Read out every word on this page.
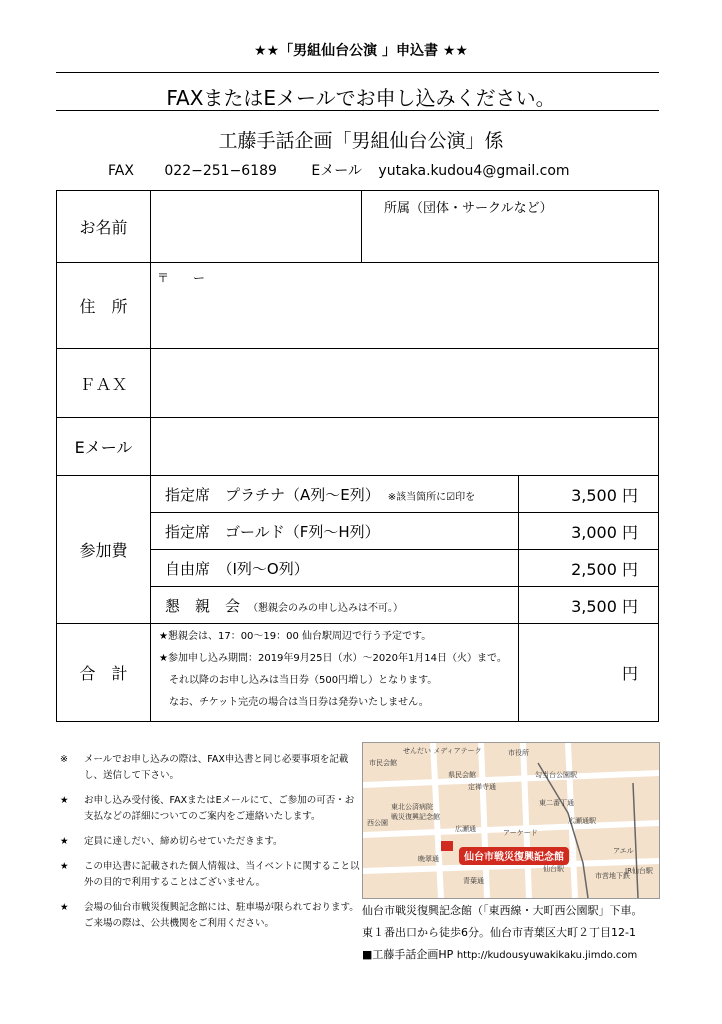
★★「男組仙台公演 」申込書 ★★
FAXまたはEメールでお申し込みください。
工藤手話企画「男組仙台公演」係
FAX 022−251−6189 Eメール yutaka.kudou4@gmail.com
お名前		所属（団体・サークルなど）	
住　所	〒　　ー		
ＦＡＸ			
Eメール			
参加費	指定席　プラチナ（A列〜E列） ※該当箇所に☑印を		3,500 円
	指定席　ゴールド（F列〜H列）		3,000 円
	自由席　（I列〜O列）		2,500 円
	懇　親　会 （懇親会のみの申し込みは不可。）		3,500 円
合　計	★懇親会は、17：00〜19：00 仙台駅周辺で行う予定です。
★参加申し込み期間：2019年9月25日（水）〜2020年1月14日（火）まで。
　それ以降のお申し込みは当日券（500円増し）となります。
　なお、チケット完売の場合は当日券は発券いたしません。		円
※ メールでお申し込みの際は、FAX申込書と同じ必要事項を記載し、送信して下さい。
★ お申し込み受付後、FAXまたはEメールにて、ご参加の可否・お支払などの詳細についてのご案内をご連絡いたします。
★ 定員に達しだい、締め切らせていただきます。
★ この申込書に記載された個人情報は、当イベントに関すること以外の目的で利用することはございません。
★ 会場の仙台市戦災復興記念館には、駐車場が限られております。ご来場の際は、公共機関をご利用ください。
仙台市戦災復興記念館
せんだい メディアテーク	市役所
市民会館
県民会館
定禅寺通
東北公済病院
戦災復興記念館
西公園
広瀬通
東二番丁通
アーケード
勾当台公園駅
広瀬通駅
仙台駅
青葉通
市営地下鉄
アエル
JR仙台駅
晩翠通
仙台市戦災復興記念館（「東西線・大町西公園駅」下車。
東１番出口から徒歩6分。仙台市青葉区大町２丁目12-1
■工藤手話企画HP http://kudousyuwakikaku.jimdo.com
